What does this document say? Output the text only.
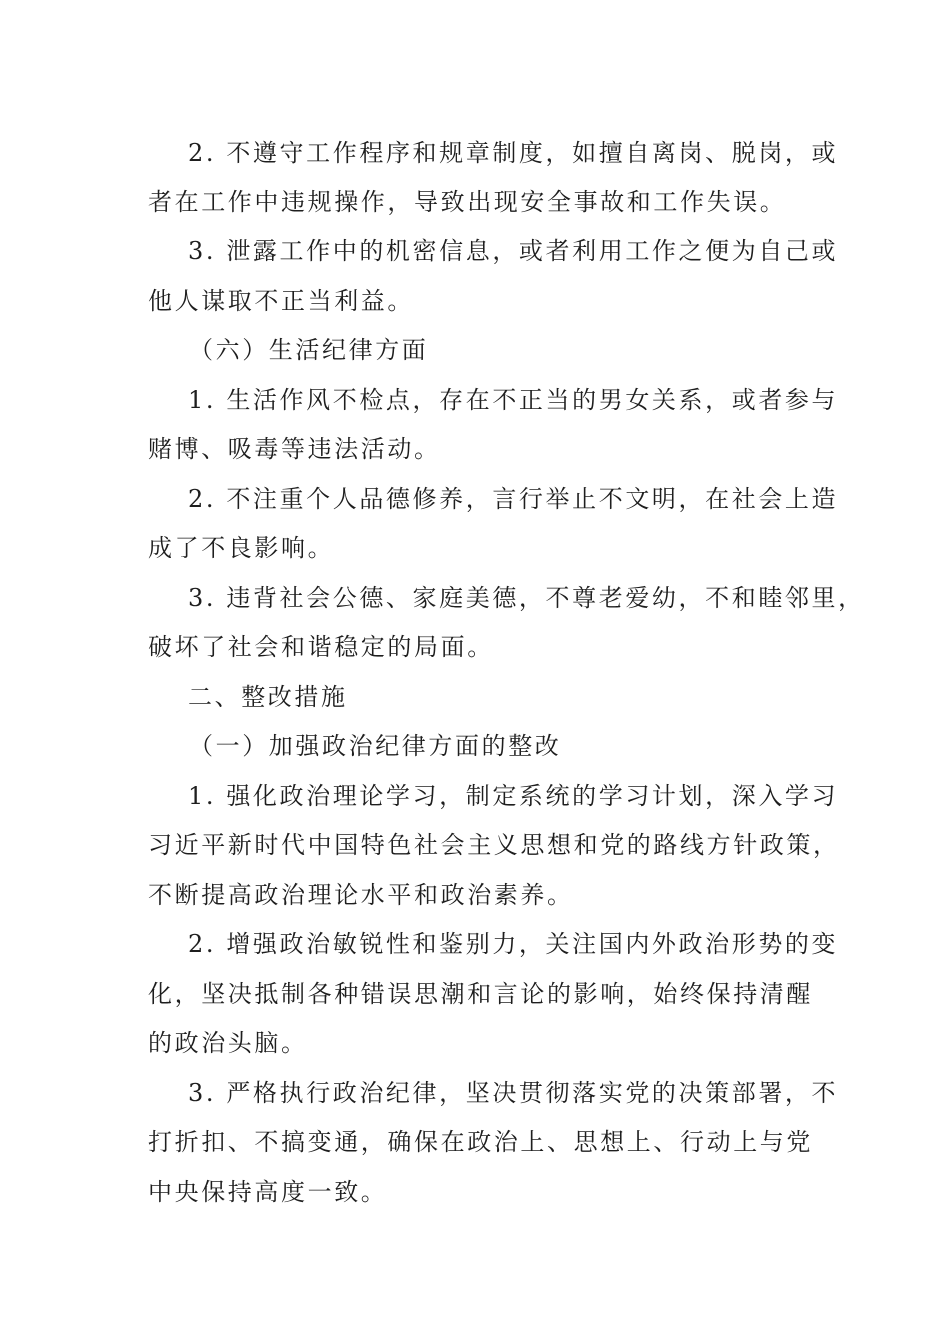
2. 不遵守工作程序和规章制度，如擅自离岗、脱岗，或
者在工作中违规操作，导致出现安全事故和工作失误。
3. 泄露工作中的机密信息，或者利用工作之便为自己或
他人谋取不正当利益。
（六）生活纪律方面
1. 生活作风不检点，存在不正当的男女关系，或者参与
赌博、吸毒等违法活动。
2. 不注重个人品德修养，言行举止不文明，在社会上造
成了不良影响。
3. 违背社会公德、家庭美德，不尊老爱幼，不和睦邻里，
破坏了社会和谐稳定的局面。
二、整改措施
（一）加强政治纪律方面的整改
1. 强化政治理论学习，制定系统的学习计划，深入学习
习近平新时代中国特色社会主义思想和党的路线方针政策，
不断提高政治理论水平和政治素养。
2. 增强政治敏锐性和鉴别力，关注国内外政治形势的变
化，坚决抵制各种错误思潮和言论的影响，始终保持清醒
的政治头脑。
3. 严格执行政治纪律，坚决贯彻落实党的决策部署，不
打折扣、不搞变通，确保在政治上、思想上、行动上与党
中央保持高度一致。
